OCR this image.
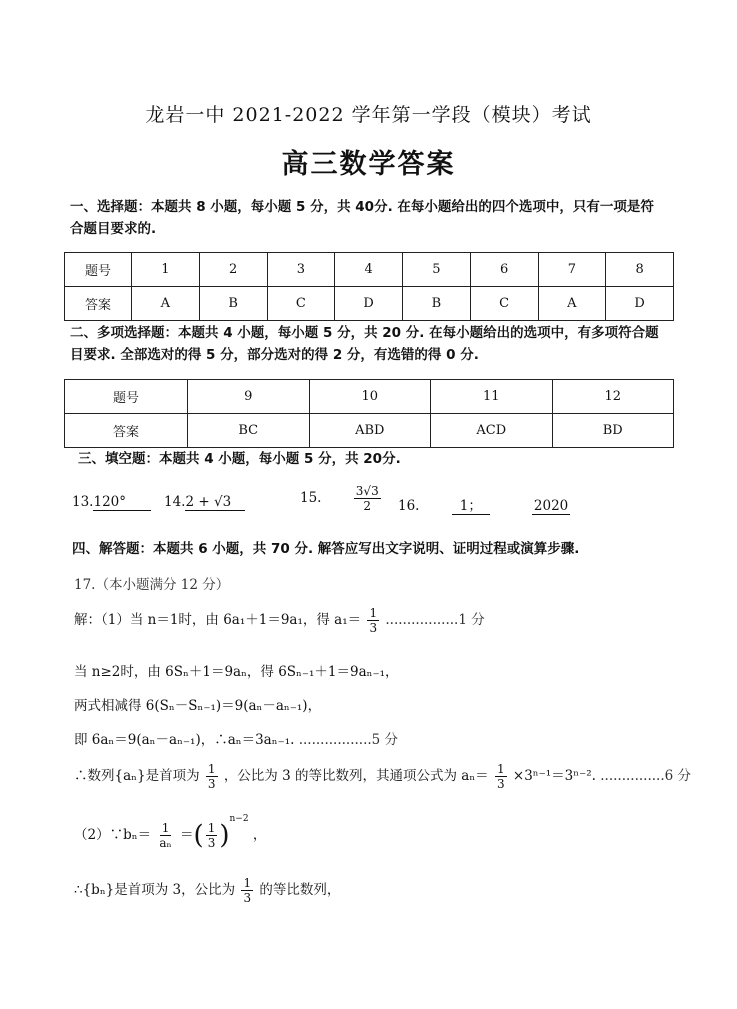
龙岩一中 2021-2022 学年第一学段（模块）考试
高三数学答案
一、选择题：本题共 8 小题，每小题 5 分，共 40分. 在每小题给出的四个选项中，只有一项是符
合题目要求的.
题号	1	2	3	4	5	6	7	8
答案	A	B	C	D	B	C	A	D
二、多项选择题：本题共 4 小题，每小题 5 分，共 20 分. 在每小题给出的选项中，有多项符合题
目要求. 全部选对的得 5 分，部分选对的得 2 分，有选错的得 0 分.
题号	9	10	11	12
答案	BC	ABD	ACD	BD
三、填空题：本题共 4 小题，每小题 5 分，共 20分.
13.120°	14.2 + √3	15.	$\frac{3√3}{2} 16$.	1；	2020
四、解答题：本题共 6 小题，共 70 分. 解答应写出文字说明、证明过程或演算步骤.
17.（本小题满分 12 分）
解：（1）当 n＝1时，由 6a₁＋1＝9a₁，得 $a_1= \frac{1}{3} .................1$ 分
当 n≥2时，由 6Sₙ＋1＝9aₙ，得 6Sₙ₋₁＋1＝9aₙ₋₁，
两式相减得 6(Sₙ－Sₙ₋₁)＝9(aₙ－aₙ₋₁)，
即 6aₙ＝9(aₙ－aₙ₋₁)，∴aₙ＝3aₙ₋₁. .................5 分
∴数列{aₙ}是首项为 $\frac{1}{3}$ ，公比为 3 的等比数列，其通项公式为 $a_n= \frac{1}{3} \times 3^{n-1}=3^{n-2}$. ...............6 分
（2）∵bₙ＝ $\frac{1}{\text{aₙ}}$ ＝( $\frac{1}{3} )^{n-2}$ ，
∴{bₙ}是首项为 3，公比为 $\frac{1}{3}$ 的等比数列，
